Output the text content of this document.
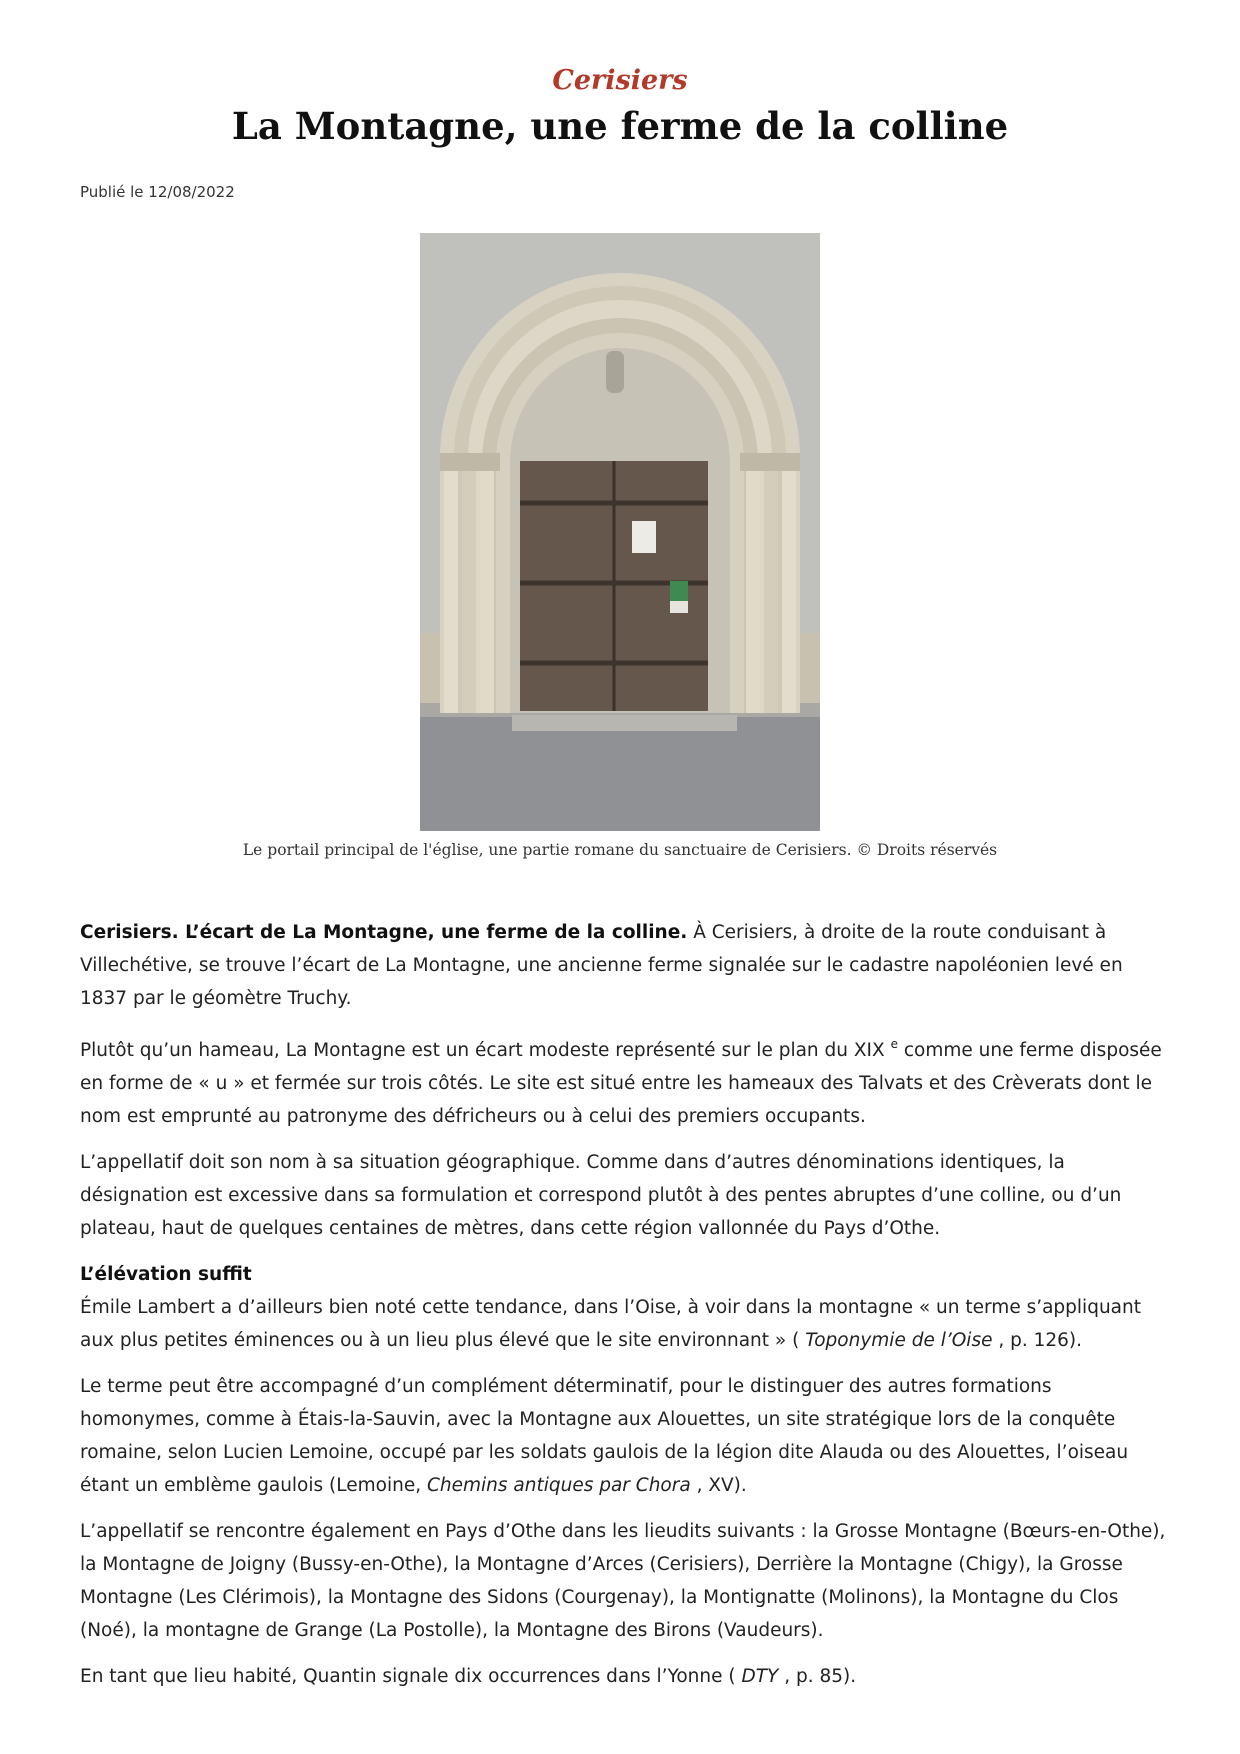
Cerisiers
La Montagne, une ferme de la colline
Publié le 12/08/2022
Le portail principal de l'église, une partie romane du sanctuaire de Cerisiers. © Droits réservés

Cerisiers. L’écart de La Montagne, une ferme de la colline. À Cerisiers, à droite de la route conduisant à Villechétive, se trouve l’écart de La Montagne, une ancienne ferme signalée sur le cadastre napoléonien levé en 1837 par le géomètre Truchy.

Plutôt qu’un hameau, La Montagne est un écart modeste représenté sur le plan du XIX $^e$ comme une ferme disposée en forme de « u » et fermée sur trois côtés. Le site est situé entre les hameaux des Talvats et des Crèverats dont le nom est emprunté au patronyme des défricheurs ou à celui des premiers occupants.

L’appellatif doit son nom à sa situation géographique. Comme dans d’autres dénominations identiques, la désignation est excessive dans sa formulation et correspond plutôt à des pentes abruptes d’une colline, ou d’un plateau, haut de quelques centaines de mètres, dans cette région vallonnée du Pays d’Othe.

L’élévation suffit
Émile Lambert a d’ailleurs bien noté cette tendance, dans l’Oise, à voir dans la montagne « un terme s’appliquant aux plus petites éminences ou à un lieu plus élevé que le site environnant » ( Toponymie de l’Oise , p. 126).

Le terme peut être accompagné d’un complément déterminatif, pour le distinguer des autres formations homonymes, comme à Étais-la-Sauvin, avec la Montagne aux Alouettes, un site stratégique lors de la conquête romaine, selon Lucien Lemoine, occupé par les soldats gaulois de la légion dite Alauda ou des Alouettes, l’oiseau étant un emblème gaulois (Lemoine, Chemins antiques par Chora , XV).

L’appellatif se rencontre également en Pays d’Othe dans les lieudits suivants : la Grosse Montagne (Bœurs-en-Othe), la Montagne de Joigny (Bussy-en-Othe), la Montagne d’Arces (Cerisiers), Derrière la Montagne (Chigy), la Grosse Montagne (Les Clérimois), la Montagne des Sidons (Courgenay), la Montignatte (Molinons), la Montagne du Clos (Noé), la montagne de Grange (La Postolle), la Montagne des Birons (Vaudeurs).

En tant que lieu habité, Quantin signale dix occurrences dans l’Yonne ( DTY , p. 85).
